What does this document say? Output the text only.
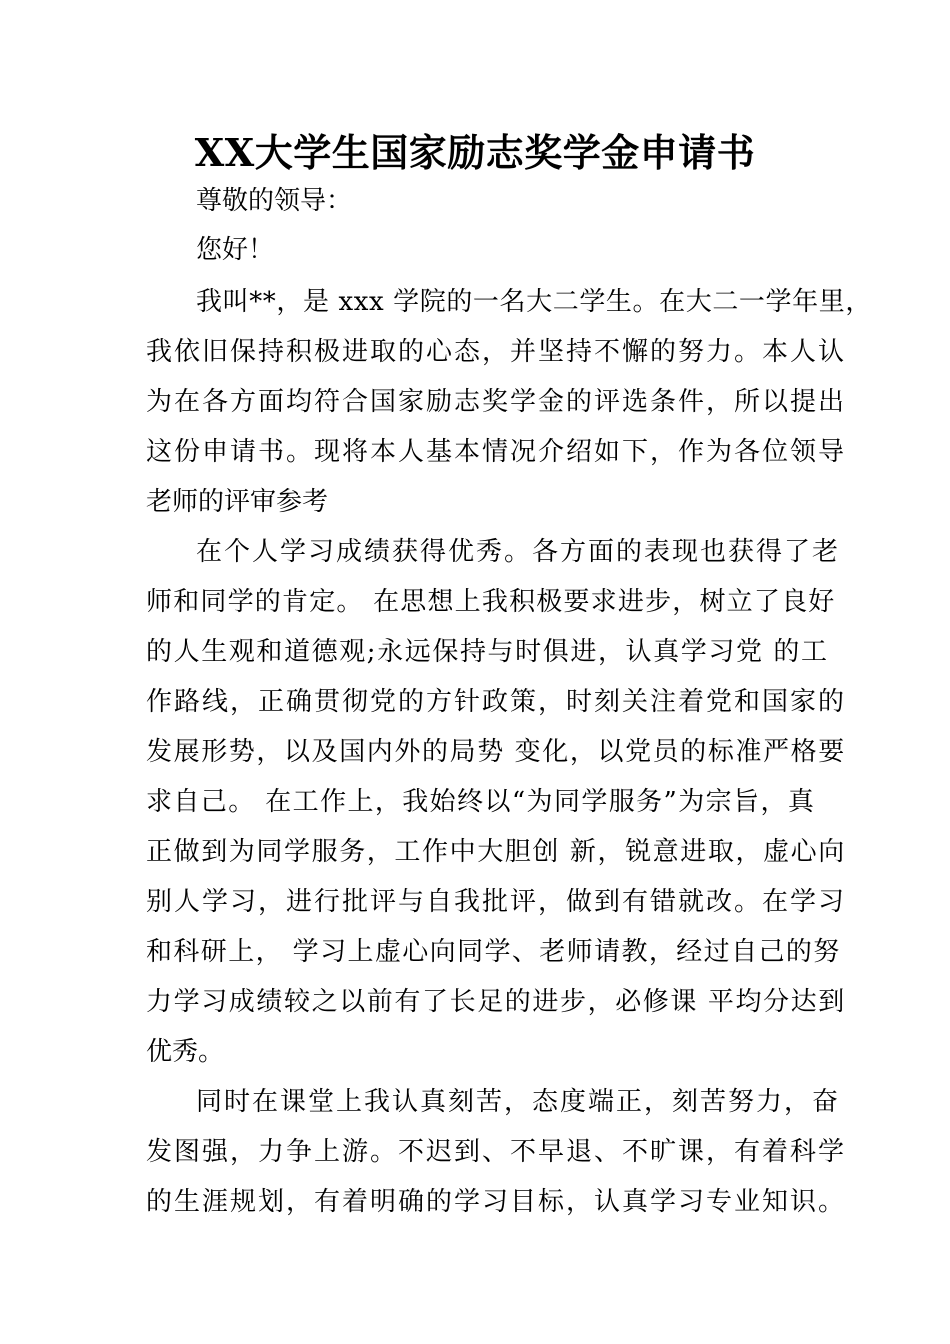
XX大学生国家励志奖学金申请书
尊敬的领导：
您好！
我叫**，是 xxx 学院的一名大二学生。在大二一学年里，
我依旧保持积极进取的心态，并坚持不懈的努力。本人认
为在各方面均符合国家励志奖学金的评选条件，所以提出
这份申请书。现将本人基本情况介绍如下，作为各位领导
老师的评审参考
在个人学习成绩获得优秀。各方面的表现也获得了老
师和同学的肯定。 在思想上我积极要求进步，树立了良好
的人生观和道德观;永远保持与时俱进，认真学习党 的工
作路线，正确贯彻党的方针政策，时刻关注着党和国家的
发展形势，以及国内外的局势 变化，以党员的标准严格要
求自己。 在工作上，我始终以“为同学服务”为宗旨，真
正做到为同学服务，工作中大胆创 新，锐意进取，虚心向
别人学习，进行批评与自我批评，做到有错就改。在学习
和科研上， 学习上虚心向同学、老师请教，经过自己的努
力学习成绩较之以前有了长足的进步，必修课 平均分达到
优秀。
同时在课堂上我认真刻苦，态度端正，刻苦努力，奋
发图强，力争上游。不迟到、不早退、不旷课，有着科学
的生涯规划，有着明确的学习目标，认真学习专业知识。
